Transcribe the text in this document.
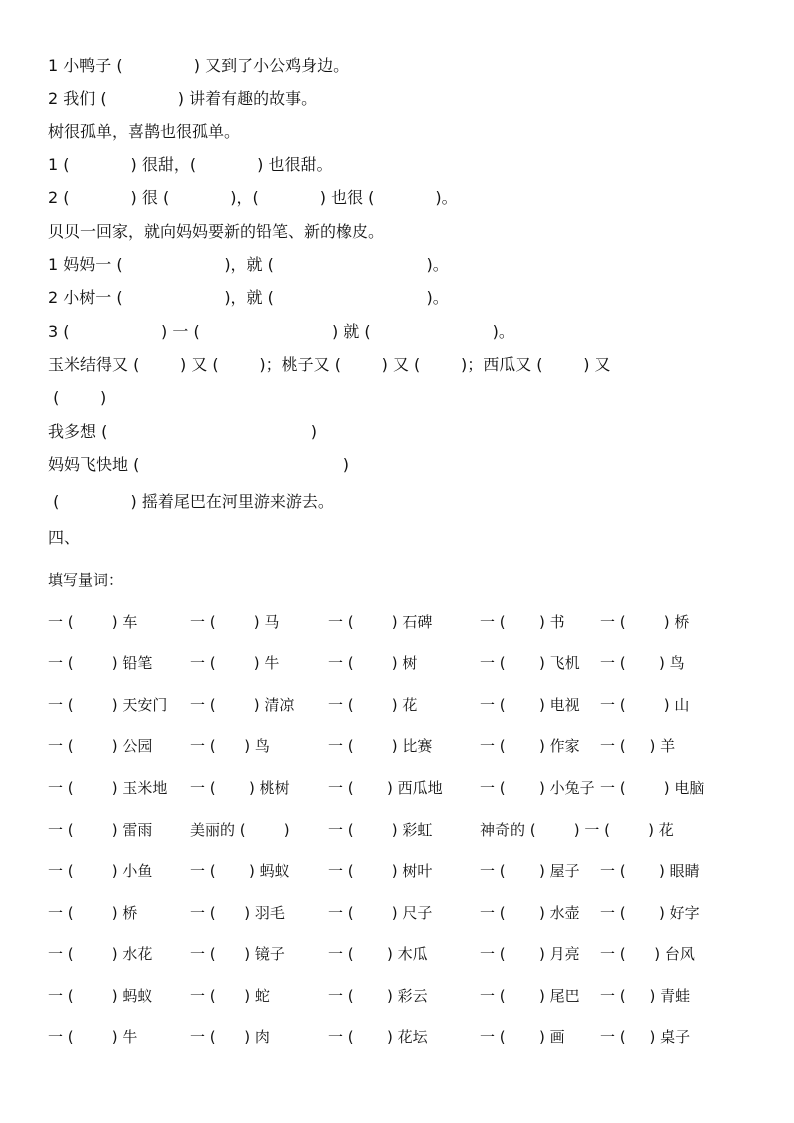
1 小鸭子 (              ) 又到了小公鸡身边。
2 我们 (              ) 讲着有趣的故事。
树很孤单，喜鹊也很孤单。
1 (            ) 很甜，(            ) 也很甜。
2 (            ) 很 (            )，(            ) 也很 (            )。
贝贝一回家，就向妈妈要新的铅笔、新的橡皮。
1 妈妈一 (                    )，就 (                              )。
2 小树一 (                    )，就 (                              )。
3 (                  ) 一 (                          ) 就 (                        )。
玉米结得又 (        ) 又 (        )；桃子又 (        ) 又 (        )；西瓜又 (        ) 又
(        )
我多想 (                                        )
妈妈飞快地 (                                        )
(              ) 摇着尾巴在河里游来游去。
四、
填写量词：
一 (        ) 车	一 (        ) 马	一 (        ) 石碑	一 (       ) 书 一 (        ) 桥
一 (        ) 铅笔	一 (        ) 牛	一 (        ) 树	一 (       ) 飞机 一 (       ) 鸟
一 (        ) 天安门 一 (        ) 清凉 一 (        ) 花	一 (       ) 电视 一 (        ) 山
一 (        ) 公园	一 (      ) 鸟	一 (        ) 比赛	一 (       ) 作家 一 (     ) 羊
一 (        ) 玉米地 一 (       ) 桃树	一 (       ) 西瓜地 一 (       ) 小兔子 一 (        ) 电脑
一 (        ) 雷雨	美丽的 (        )	一 (        ) 彩虹	神奇的 (        ) 一 (        ) 花
一 (        ) 小鱼	一 (       ) 蚂蚁	一 (        ) 树叶	一 (       ) 屋子 一 (       ) 眼睛
一 (        ) 桥	一 (      ) 羽毛	一 (        ) 尺子	一 (       ) 水壶 一 (       ) 好字
一 (        ) 水花	一 (      ) 镜子	一 (       ) 木瓜	一 (       ) 月亮 一 (      ) 台风
一 (        ) 蚂蚁	一 (      ) 蛇	一 (       ) 彩云	一 (       ) 尾巴 一 (     ) 青蛙
一 (        ) 牛	一 (      ) 肉	一 (       ) 花坛	一 (       ) 画 一 (     ) 桌子
